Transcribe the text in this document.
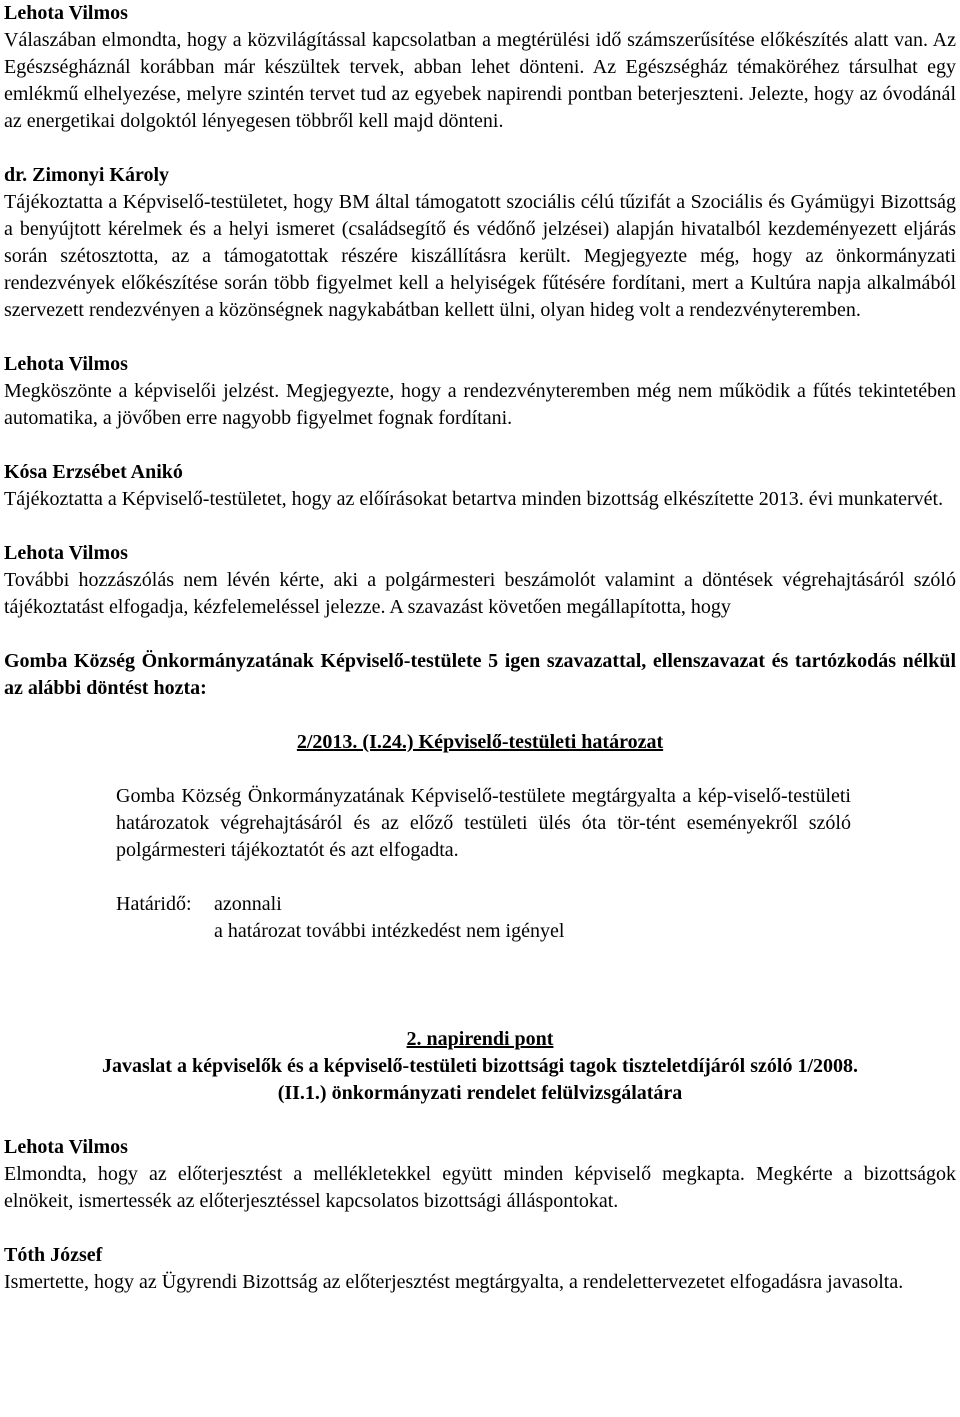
Lehota Vilmos

Válaszában elmondta, hogy a közvilágítással kapcsolatban a megtérülési idő számszerűsítése előkészítés alatt van. Az Egészségháznál korábban már készültek tervek, abban lehet dönteni. Az Egészségház témaköréhez társulhat egy emlékmű elhelyezése, melyre szintén tervet tud az egyebek napirendi pontban beterjeszteni. Jelezte, hogy az óvodánál az energetikai dolgoktól lényegesen többről kell majd dönteni.

dr. Zimonyi Károly

Tájékoztatta a Képviselő-testületet, hogy BM által támogatott szociális célú tűzifát a Szociális és Gyámügyi Bizottság a benyújtott kérelmek és a helyi ismeret (családsegítő és védőnő jelzései) alapján hivatalból kezdeményezett eljárás során szétosztotta, az a támogatottak részére kiszállításra került. Megjegyezte még, hogy az önkormányzati rendezvények előkészítése során több figyelmet kell a helyiségek fűtésére fordítani, mert a Kultúra napja alkalmából szervezett rendezvényen a közönségnek nagykabátban kellett ülni, olyan hideg volt a rendezvényteremben.

Lehota Vilmos

Megköszönte a képviselői jelzést. Megjegyezte, hogy a rendezvényteremben még nem működik a fűtés tekintetében automatika, a jövőben erre nagyobb figyelmet fognak fordítani.

Kósa Erzsébet Anikó

Tájékoztatta a Képviselő-testületet, hogy az előírásokat betartva minden bizottság elkészítette 2013. évi munkatervét.

Lehota Vilmos

További hozzászólás nem lévén kérte, aki a polgármesteri beszámolót valamint a döntések végrehajtásáról szóló tájékoztatást elfogadja, kézfelemeléssel jelezze. A szavazást követően megállapította, hogy

Gomba Község Önkormányzatának Képviselő-testülete 5 igen szavazattal, ellenszavazat és tartózkodás nélkül az alábbi döntést hozta:

2/2013. (I.24.) Képviselő-testületi határozat

Gomba Község Önkormányzatának Képviselő-testülete megtárgyalta a kép-viselő-testületi határozatok végrehajtásáról és az előző testületi ülés óta tör-tént eseményekről szóló polgármesteri tájékoztatót és azt elfogadta.

Határidő:	azonnali
a határozat további intézkedést nem igényel

2. napirendi pont

Javaslat a képviselők és a képviselő-testületi bizottsági tagok tiszteletdíjáról szóló 1/2008.

(II.1.) önkormányzati rendelet felülvizsgálatára

Lehota Vilmos

Elmondta, hogy az előterjesztést a mellékletekkel együtt minden képviselő megkapta. Megkérte a bizottságok elnökeit, ismertessék az előterjesztéssel kapcsolatos bizottsági álláspontokat.

Tóth József

Ismertette, hogy az Ügyrendi Bizottság az előterjesztést megtárgyalta, a rendelettervezetet elfogadásra javasolta.
